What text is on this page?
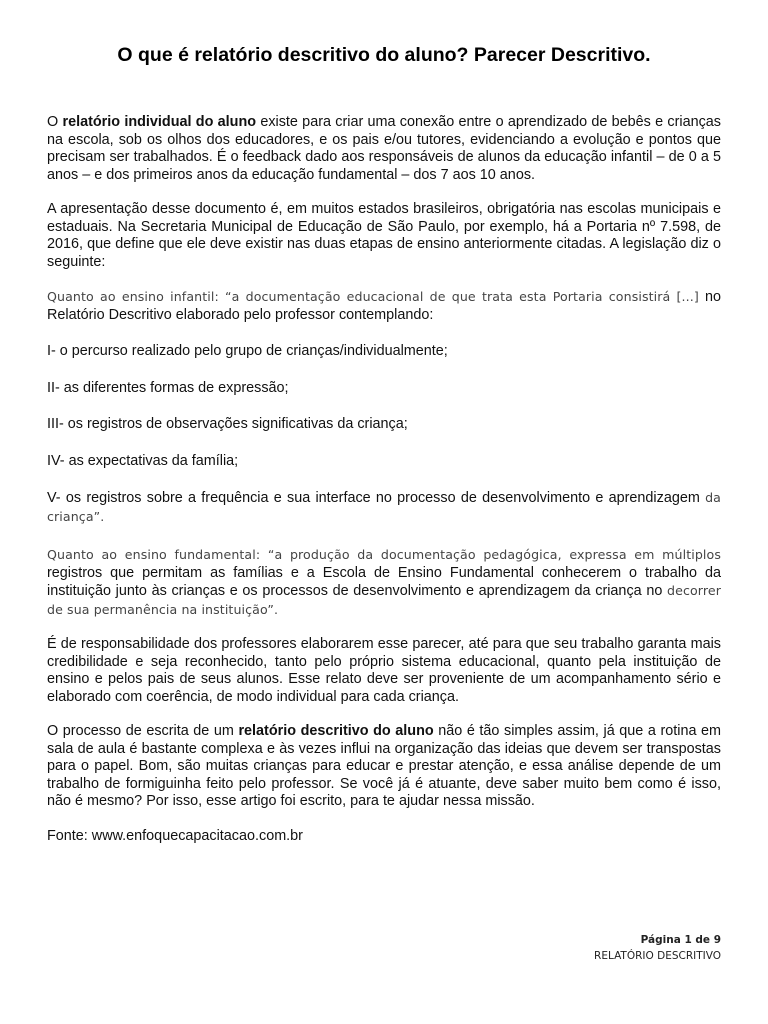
O que é relatório descritivo do aluno? Parecer Descritivo.

O relatório individual do aluno existe para criar uma conexão entre o aprendizado de bebês e crianças na escola, sob os olhos dos educadores, e os pais e/ou tutores, evidenciando a evolução e pontos que precisam ser trabalhados. É o feedback dado aos responsáveis de alunos da educação infantil – de 0 a 5 anos – e dos primeiros anos da educação fundamental – dos 7 aos 10 anos.

A apresentação desse documento é, em muitos estados brasileiros, obrigatória nas escolas municipais e estaduais. Na Secretaria Municipal de Educação de São Paulo, por exemplo, há a Portaria nº 7.598, de 2016, que define que ele deve existir nas duas etapas de ensino anteriormente citadas. A legislação diz o seguinte:

Quanto ao ensino infantil: “a documentação educacional de que trata esta Portaria consistirá [...] no Relatório Descritivo elaborado pelo professor contemplando:

I- o percurso realizado pelo grupo de crianças/individualmente;

II- as diferentes formas de expressão;

III- os registros de observações significativas da criança;

IV- as expectativas da família;

V- os registros sobre a frequência e sua interface no processo de desenvolvimento e aprendizagem da criança”.

Quanto ao ensino fundamental: “a produção da documentação pedagógica, expressa em múltiplos registros que permitam as famílias e a Escola de Ensino Fundamental conhecerem o trabalho da instituição junto às crianças e os processos de desenvolvimento e aprendizagem da criança no decorrer de sua permanência na instituição”.

É de responsabilidade dos professores elaborarem esse parecer, até para que seu trabalho garanta mais credibilidade e seja reconhecido, tanto pelo próprio sistema educacional, quanto pela instituição de ensino e pelos pais de seus alunos. Esse relato deve ser proveniente de um acompanhamento sério e elaborado com coerência, de modo individual para cada criança.

O processo de escrita de um relatório descritivo do aluno não é tão simples assim, já que a rotina em sala de aula é bastante complexa e às vezes influi na organização das ideias que devem ser transpostas para o papel. Bom, são muitas crianças para educar e prestar atenção, e essa análise depende de um trabalho de formiguinha feito pelo professor. Se você já é atuante, deve saber muito bem como é isso, não é mesmo? Por isso, esse artigo foi escrito, para te ajudar nessa missão.

Fonte: www.enfoquecapacitacao.com.br

Página 1 de 9
RELATÓRIO DESCRITIVO
